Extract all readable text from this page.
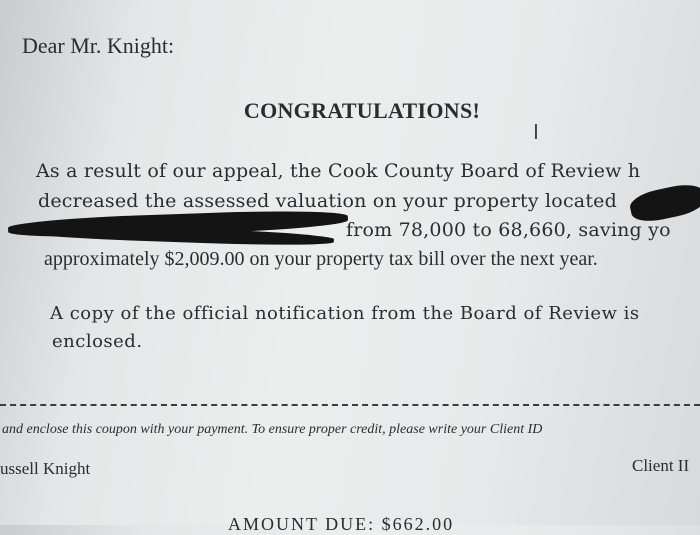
Dear Mr. Knight:
CONGRATULATIONS!
I
As a result of our appeal, the Cook County Board of Review h
decreased the assessed valuation on your property located
from 78,000 to 68,660, saving yo
approximately $2,009.00 on your property tax bill over the next year.
A copy of the official notification from the Board of Review is
enclosed.
and enclose this coupon with your payment. To ensure proper credit, please write your Client ID
ussell Knight	Client II
AMOUNT DUE: $662.00
